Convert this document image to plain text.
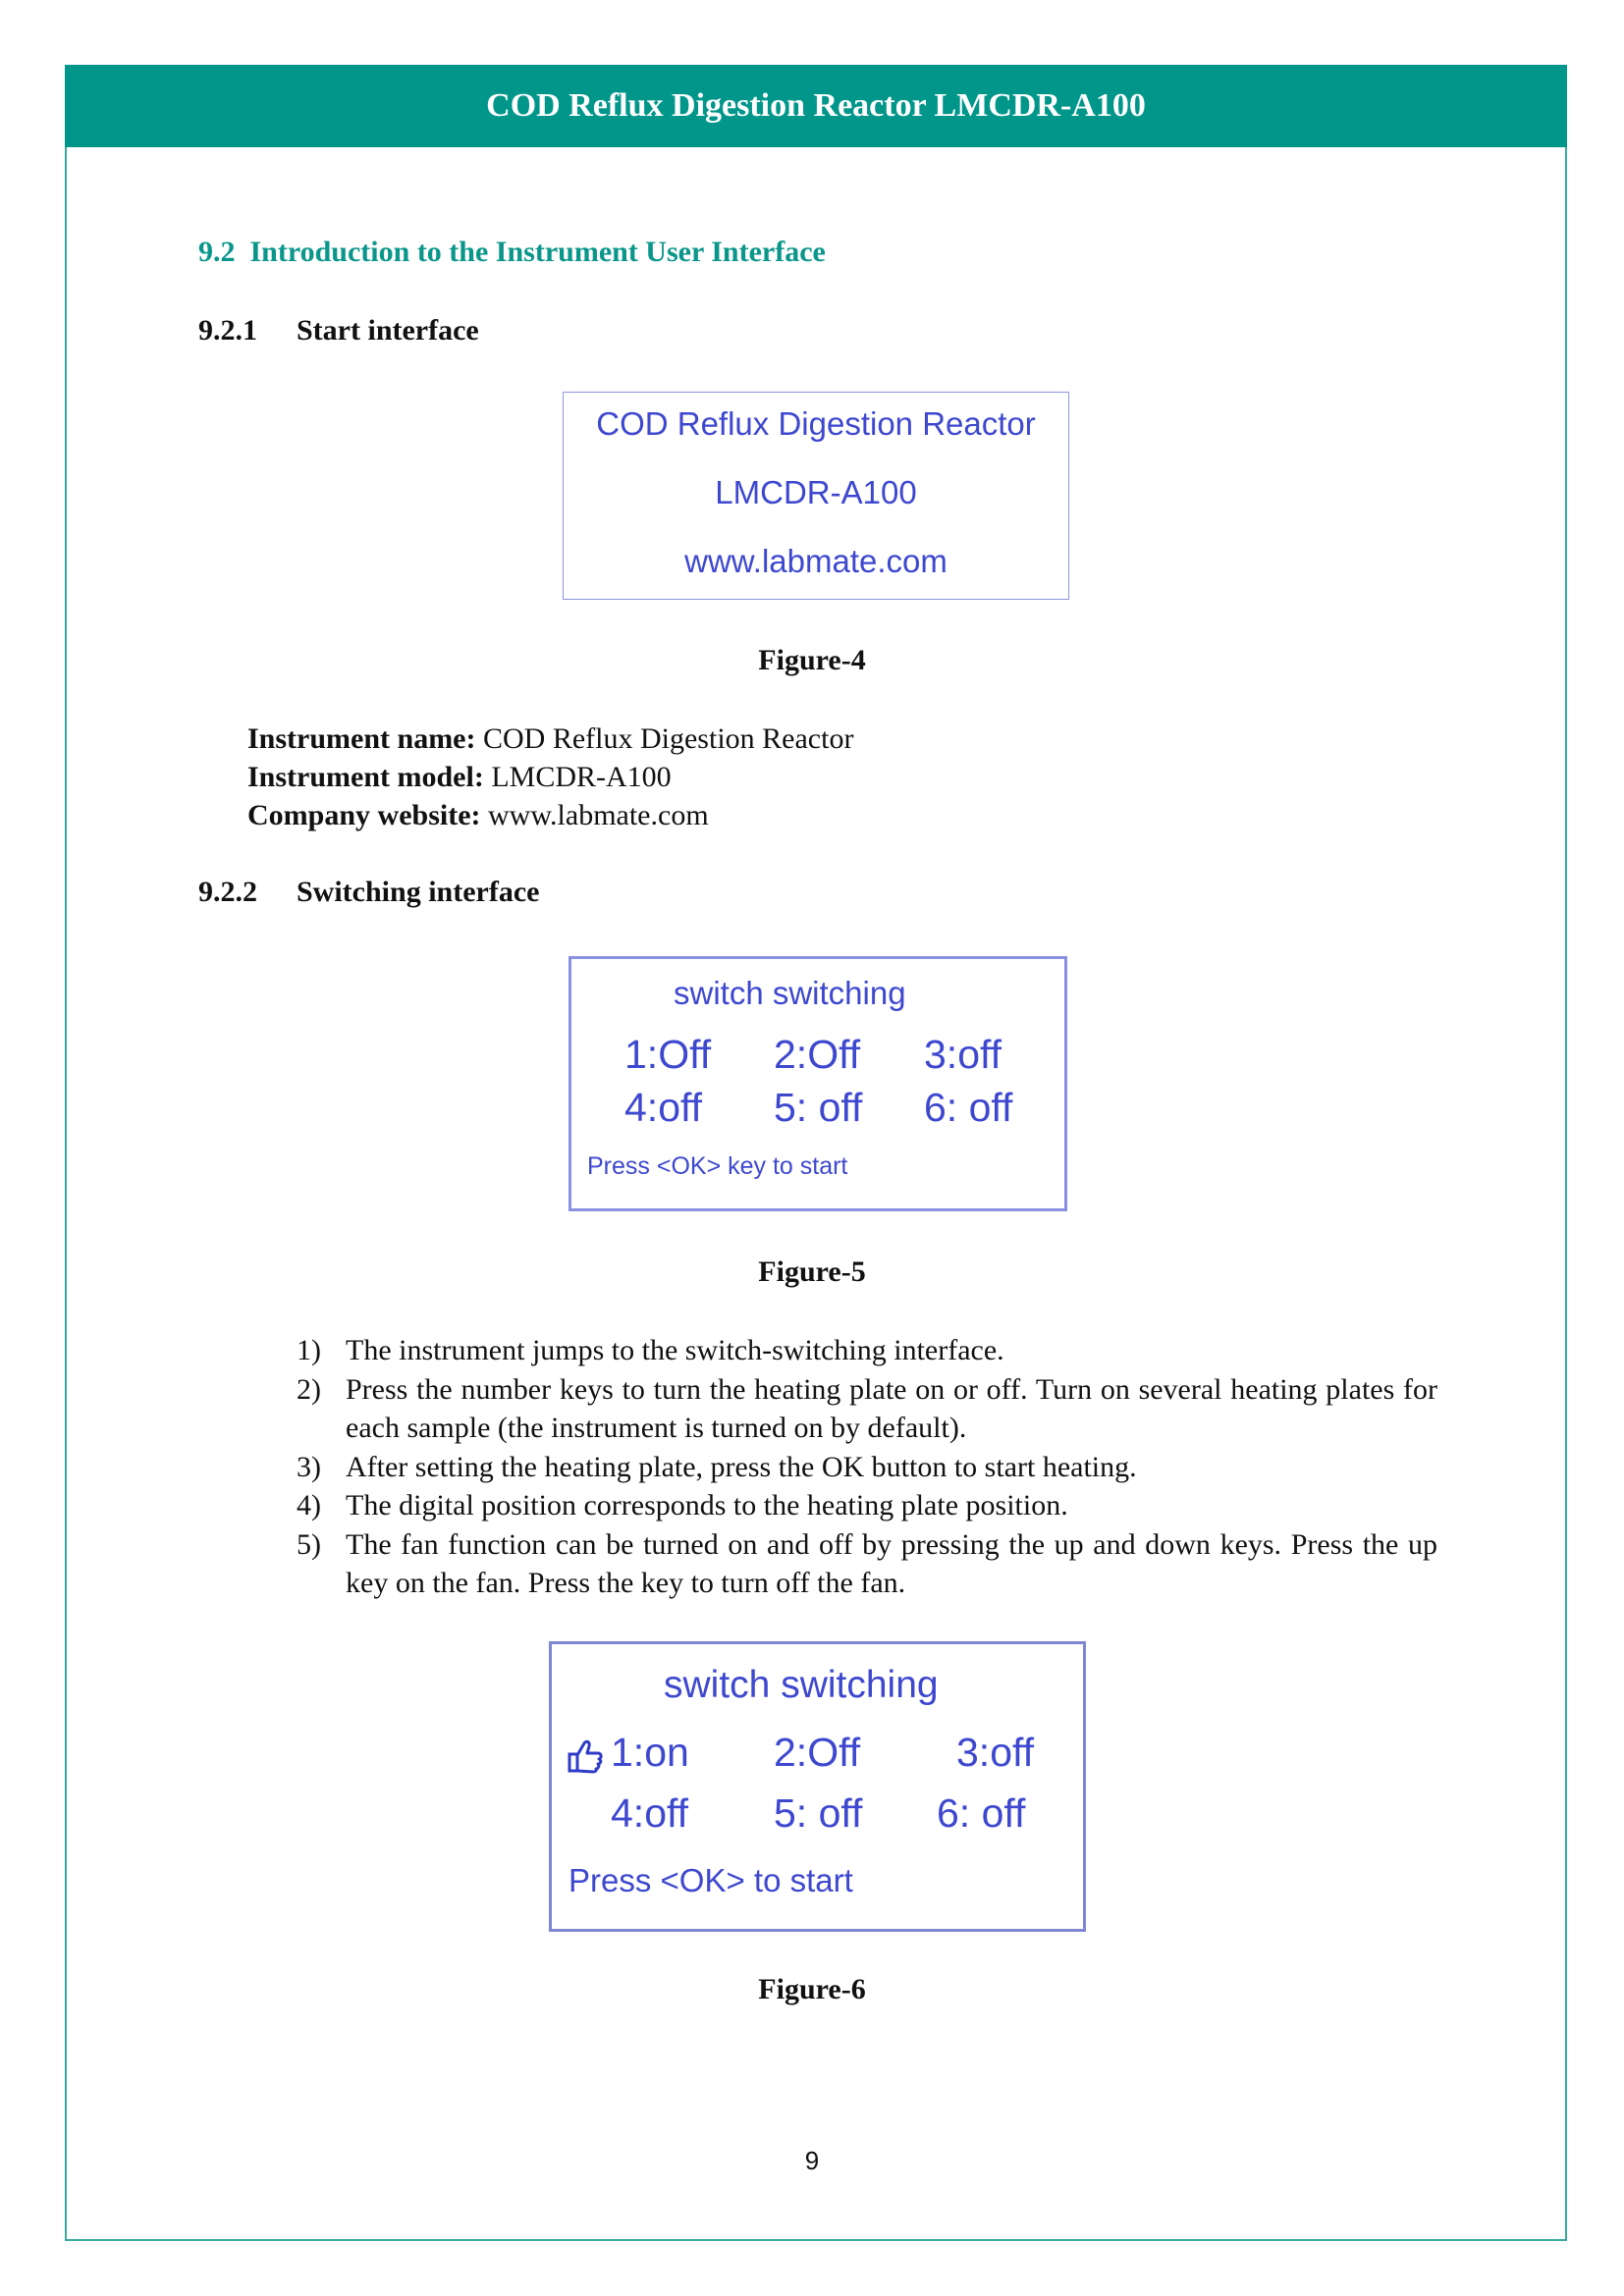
COD Reflux Digestion Reactor LMCDR-A100
9.2 Introduction to the Instrument User Interface
9.2.1 Start interface
COD Reflux Digestion Reactor
LMCDR-A100
www.labmate.com
Figure-4
Instrument name: COD Reflux Digestion Reactor
Instrument model: LMCDR-A100
Company website: www.labmate.com
9.2.2 Switching interface
switch switching
1:Off 2:Off 3:off
4:off 5: off 6: off
Press <OK> key to start
Figure-5
1) The instrument jumps to the switch-switching interface.
2) Press the number keys to turn the heating plate on or off. Turn on several heating plates for each sample (the instrument is turned on by default).
3) After setting the heating plate, press the OK button to start heating.
4) The digital position corresponds to the heating plate position.
5) The fan function can be turned on and off by pressing the up and down keys. Press the up key on the fan. Press the key to turn off the fan.
switch switching
1:on 2:Off 3:off
4:off 5: off 6: off
Press <OK> to start
Figure-6
9
